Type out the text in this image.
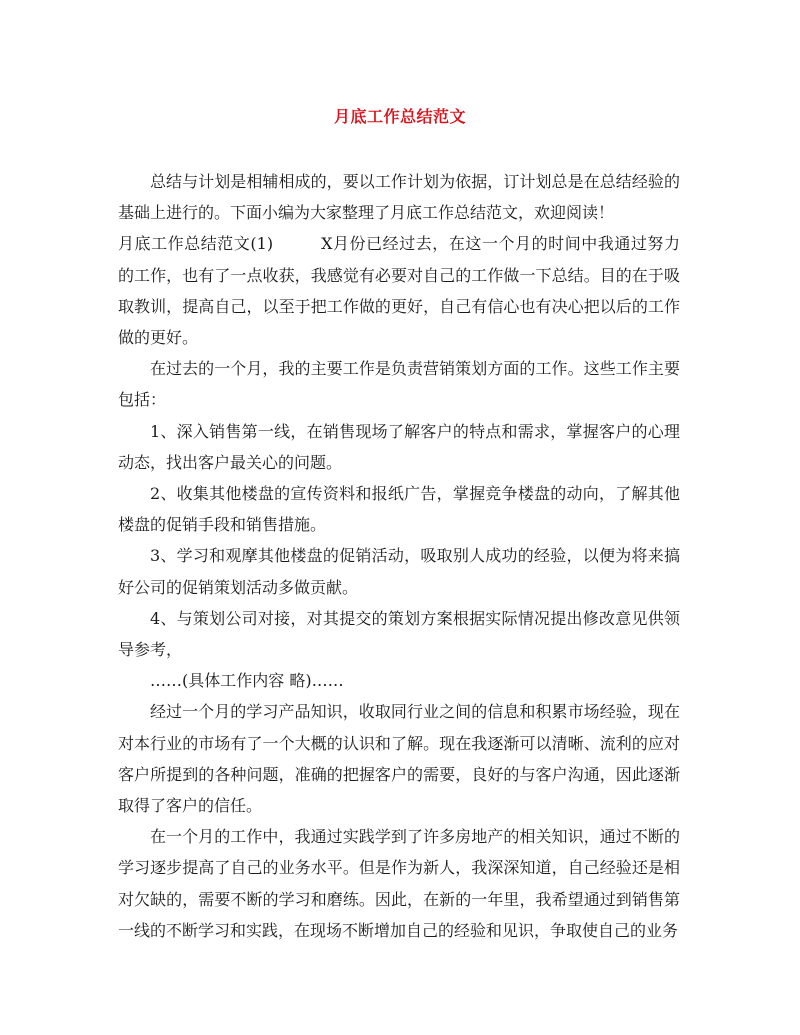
月底工作总结范文

总结与计划是相辅相成的，要以工作计划为依据，订计划总是在总结经验的基础上进行的。下面小编为大家整理了月底工作总结范文，欢迎阅读！

月底工作总结范文(1)	X月份已经过去，在这一个月的时间中我通过努力的工作，也有了一点收获，我感觉有必要对自己的工作做一下总结。目的在于吸取教训，提高自己，以至于把工作做的更好，自己有信心也有决心把以后的工作做的更好。

在过去的一个月，我的主要工作是负责营销策划方面的工作。这些工作主要包括：

1、深入销售第一线，在销售现场了解客户的特点和需求，掌握客户的心理动态，找出客户最关心的问题。

2、收集其他楼盘的宣传资料和报纸广告，掌握竞争楼盘的动向，了解其他楼盘的促销手段和销售措施。

3、学习和观摩其他楼盘的促销活动，吸取别人成功的经验，以便为将来搞好公司的促销策划活动多做贡献。

4、与策划公司对接，对其提交的策划方案根据实际情况提出修改意见供领导参考，

……(具体工作内容 略)……

经过一个月的学习产品知识，收取同行业之间的信息和积累市场经验，现在对本行业的市场有了一个大概的认识和了解。现在我逐渐可以清晰、流利的应对客户所提到的各种问题，准确的把握客户的需要，良好的与客户沟通，因此逐渐取得了客户的信任。

在一个月的工作中，我通过实践学到了许多房地产的相关知识，通过不断的学习逐步提高了自己的业务水平。但是作为新人，我深深知道，自己经验还是相对欠缺的，需要不断的学习和磨练。因此，在新的一年里，我希望通过到销售第一线的不断学习和实践，在现场不断增加自己的经验和见识，争取使自己的业务
